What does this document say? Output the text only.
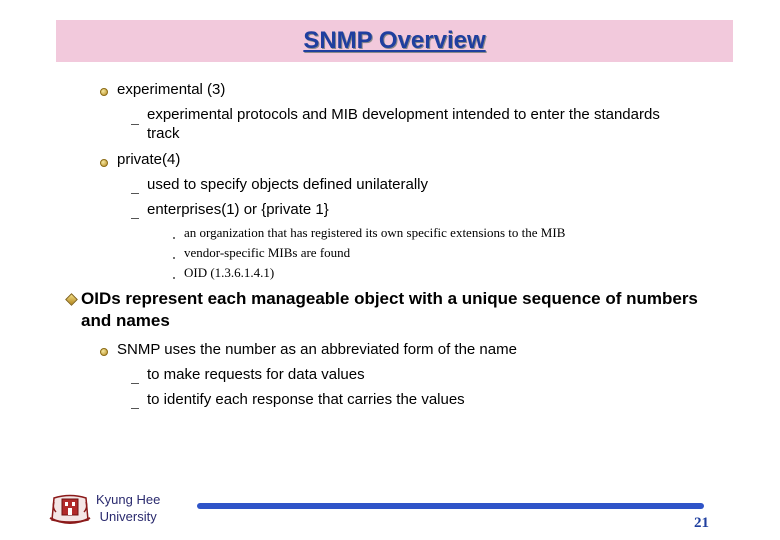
SNMP Overview
experimental (3)
experimental protocols and MIB development intended to enter the standards
track
private(4)
used to specify objects defined unilaterally
enterprises(1) or {private 1}
an organization that has registered its own specific extensions to the MIB
vendor-specific MIBs are found
OID (1.3.6.1.4.1)
OIDs represent each manageable object with a unique sequence of numbers
and names
SNMP uses the number as an abbreviated form of the name
to make requests for data values
to identify each response that carries the values
Kyung Hee
University	21
